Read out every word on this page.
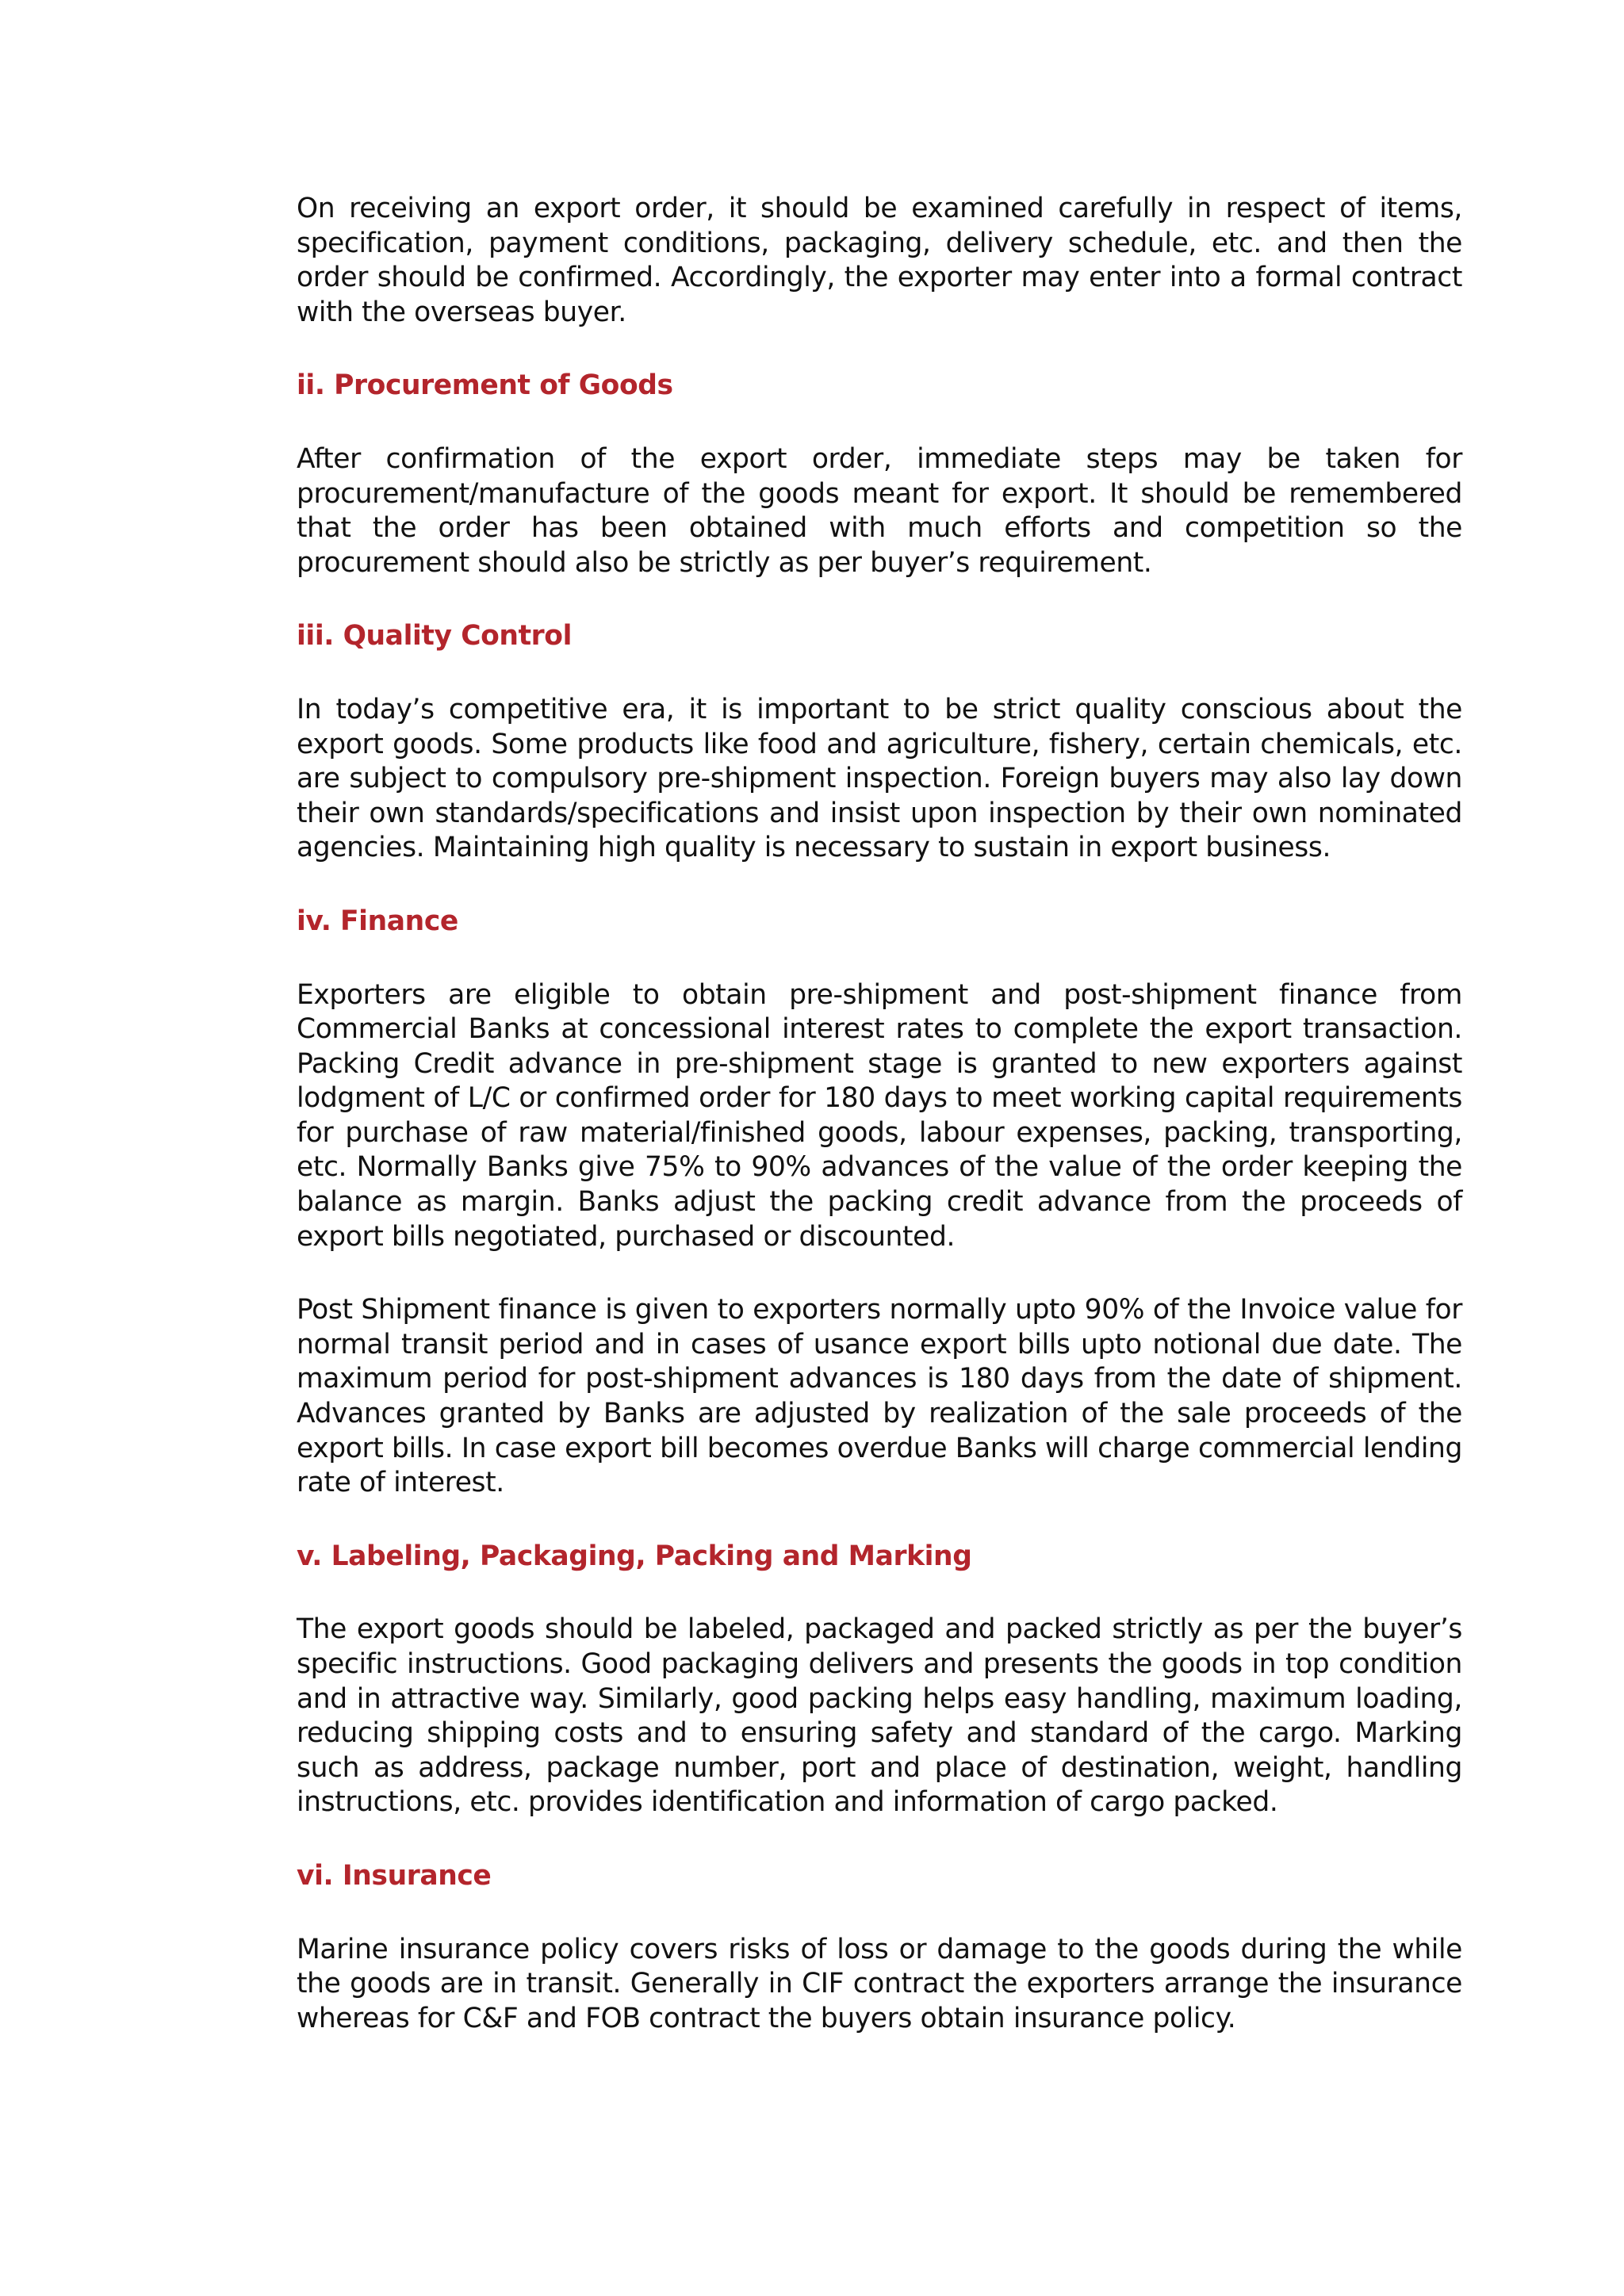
On receiving an export order, it should be examined carefully in respect of items, specification, payment conditions, packaging, delivery schedule, etc. and then the order should be confirmed. Accordingly, the exporter may enter into a formal contract with the overseas buyer.

ii. Procurement of Goods

After confirmation of the export order, immediate steps may be taken for procurement/manufacture of the goods meant for export. It should be remembered that the order has been obtained with much efforts and competition so the procurement should also be strictly as per buyer’s requirement.

iii. Quality Control

In today’s competitive era, it is important to be strict quality conscious about the export goods. Some products like food and agriculture, fishery, certain chemicals, etc. are subject to compulsory pre-shipment inspection. Foreign buyers may also lay down their own standards/specifications and insist upon inspection by their own nominated agencies. Maintaining high quality is necessary to sustain in export business.

iv. Finance

Exporters are eligible to obtain pre-shipment and post-shipment finance from Commercial Banks at concessional interest rates to complete the export transaction. Packing Credit advance in pre-shipment stage is granted to new exporters against lodgment of L/C or confirmed order for 180 days to meet working capital requirements for purchase of raw material/finished goods, labour expenses, packing, transporting, etc. Normally Banks give 75% to 90% advances of the value of the order keeping the balance as margin. Banks adjust the packing credit advance from the proceeds of export bills negotiated, purchased or discounted.

Post Shipment finance is given to exporters normally upto 90% of the Invoice value for normal transit period and in cases of usance export bills upto notional due date. The maximum period for post-shipment advances is 180 days from the date of shipment. Advances granted by Banks are adjusted by realization of the sale proceeds of the export bills. In case export bill becomes overdue Banks will charge commercial lending rate of interest.

v. Labeling, Packaging, Packing and Marking

The export goods should be labeled, packaged and packed strictly as per the buyer’s specific instructions. Good packaging delivers and presents the goods in top condition and in attractive way. Similarly, good packing helps easy handling, maximum loading, reducing shipping costs and to ensuring safety and standard of the cargo. Marking such as address, package number, port and place of destination, weight, handling instructions, etc. provides identification and information of cargo packed.

vi. Insurance

Marine insurance policy covers risks of loss or damage to the goods during the while the goods are in transit. Generally in CIF contract the exporters arrange the insurance whereas for C&F and FOB contract the buyers obtain insurance policy.
